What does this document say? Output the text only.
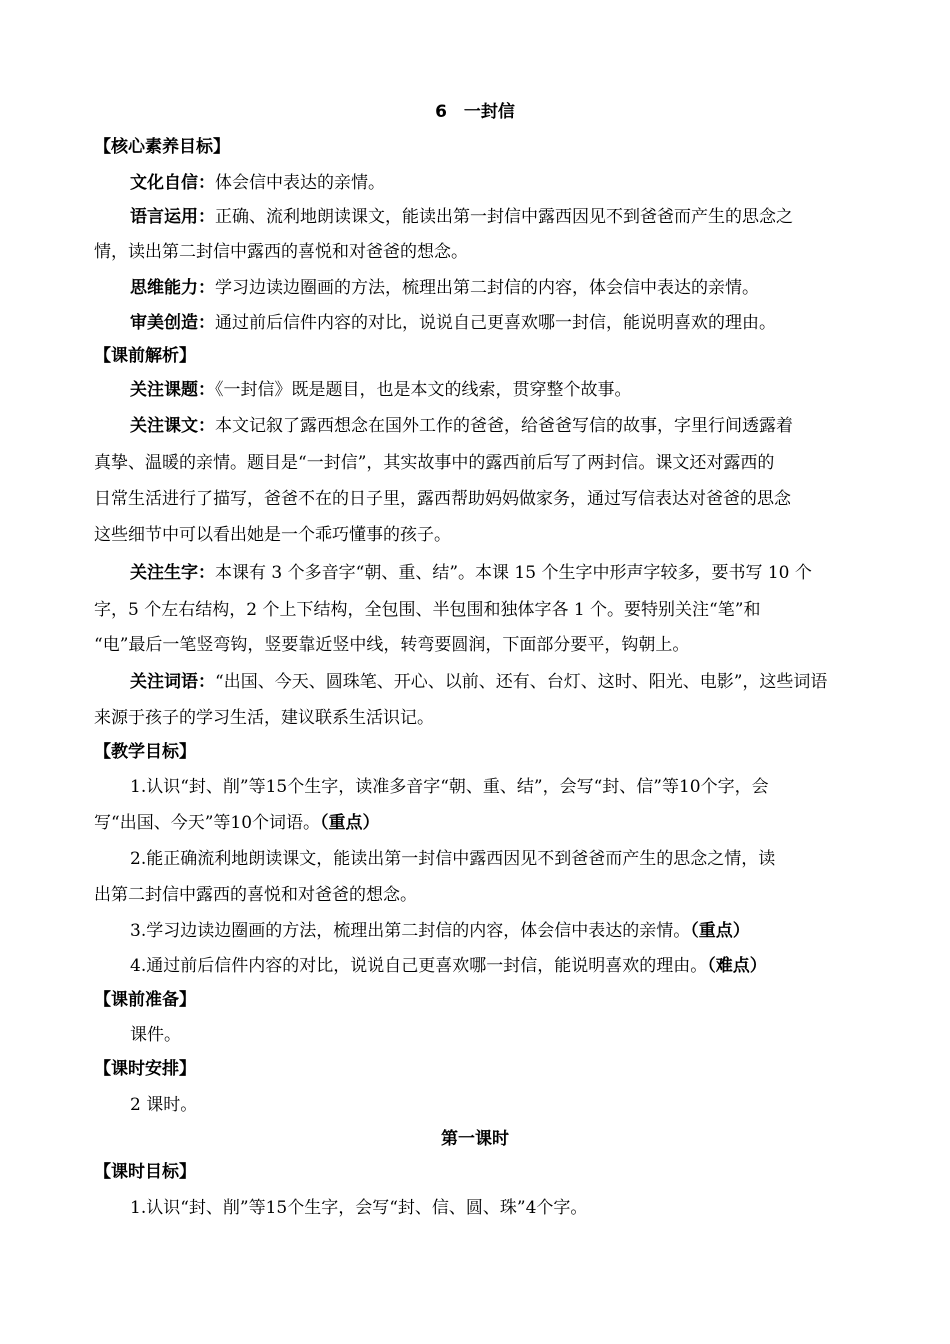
6　一封信
【核心素养目标】
文化自信：体会信中表达的亲情。
语言运用：正确、流利地朗读课文，能读出第一封信中露西因见不到爸爸而产生的思念之
情，读出第二封信中露西的喜悦和对爸爸的想念。
思维能力：学习边读边圈画的方法，梳理出第二封信的内容，体会信中表达的亲情。
审美创造：通过前后信件内容的对比，说说自己更喜欢哪一封信，能说明喜欢的理由。
【课前解析】
关注课题：《一封信》既是题目，也是本文的线索，贯穿整个故事。
关注课文：本文记叙了露西想念在国外工作的爸爸，给爸爸写信的故事，字里行间透露着
真挚、温暖的亲情。题目是“一封信”，其实故事中的露西前后写了两封信。课文还对露西的
日常生活进行了描写，爸爸不在的日子里，露西帮助妈妈做家务，通过写信表达对爸爸的思念
这些细节中可以看出她是一个乖巧懂事的孩子。
关注生字：本课有 3 个多音字“朝、重、结”。本课 15 个生字中形声字较多，要书写 10 个
字，5 个左右结构，2 个上下结构，全包围、半包围和独体字各 1 个。要特别关注“笔”和
“电”最后一笔竖弯钩，竖要靠近竖中线，转弯要圆润，下面部分要平，钩朝上。
关注词语：“出国、今天、圆珠笔、开心、以前、还有、台灯、这时、阳光、电影”，这些词语
来源于孩子的学习生活，建议联系生活识记。
【教学目标】
1.认识“封、削”等15个生字，读准多音字“朝、重、结”，会写“封、信”等10个字，会
写“出国、今天”等10个词语。（重点）
2.能正确流利地朗读课文，能读出第一封信中露西因见不到爸爸而产生的思念之情，读
出第二封信中露西的喜悦和对爸爸的想念。
3.学习边读边圈画的方法，梳理出第二封信的内容，体会信中表达的亲情。（重点）
4.通过前后信件内容的对比，说说自己更喜欢哪一封信，能说明喜欢的理由。（难点）
【课前准备】
课件。
【课时安排】
2 课时。
第一课时
【课时目标】
1.认识“封、削”等15个生字，会写“封、信、圆、珠”4个字。
